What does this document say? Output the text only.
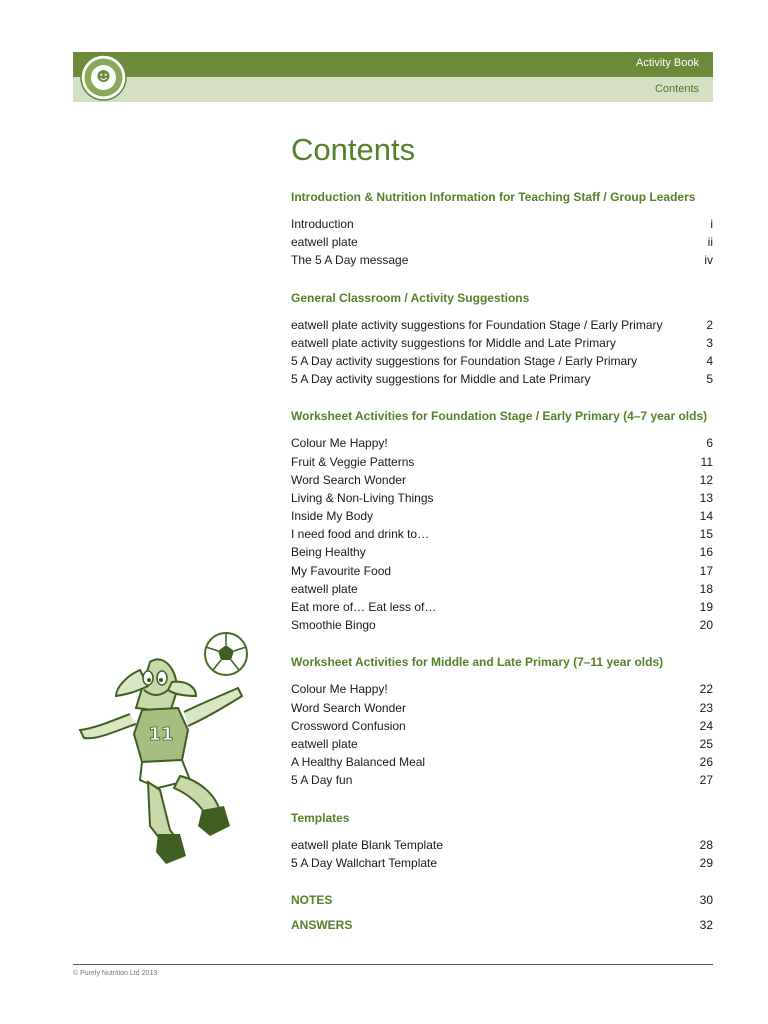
Activity Book
Contents
Contents
Introduction & Nutrition Information for Teaching Staff / Group Leaders
Introduction	i
eatwell plate	ii
The 5 A Day message	iv
General Classroom / Activity Suggestions
eatwell plate activity suggestions for Foundation Stage / Early Primary	2
eatwell plate activity suggestions for Middle and Late Primary	3
5 A Day activity suggestions for Foundation Stage / Early Primary	4
5 A Day activity suggestions for Middle and Late Primary	5
Worksheet Activities for Foundation Stage / Early Primary (4–7 year olds)
Colour Me Happy!	6
Fruit & Veggie Patterns	11
Word Search Wonder	12
Living & Non-Living Things	13
Inside My Body	14
I need food and drink to…	15
Being Healthy	16
My Favourite Food	17
eatwell plate	18
Eat more of… Eat less of…	19
Smoothie Bingo	20
Worksheet Activities for Middle and Late Primary (7–11 year olds)
Colour Me Happy!	22
Word Search Wonder	23
Crossword Confusion	24
eatwell plate	25
A Healthy Balanced Meal	26
5 A Day fun	27
Templates
eatwell plate Blank Template	28
5 A Day Wallchart Template	29
NOTES	30
ANSWERS	32
11
© Purely Nutrition Ltd 2013
